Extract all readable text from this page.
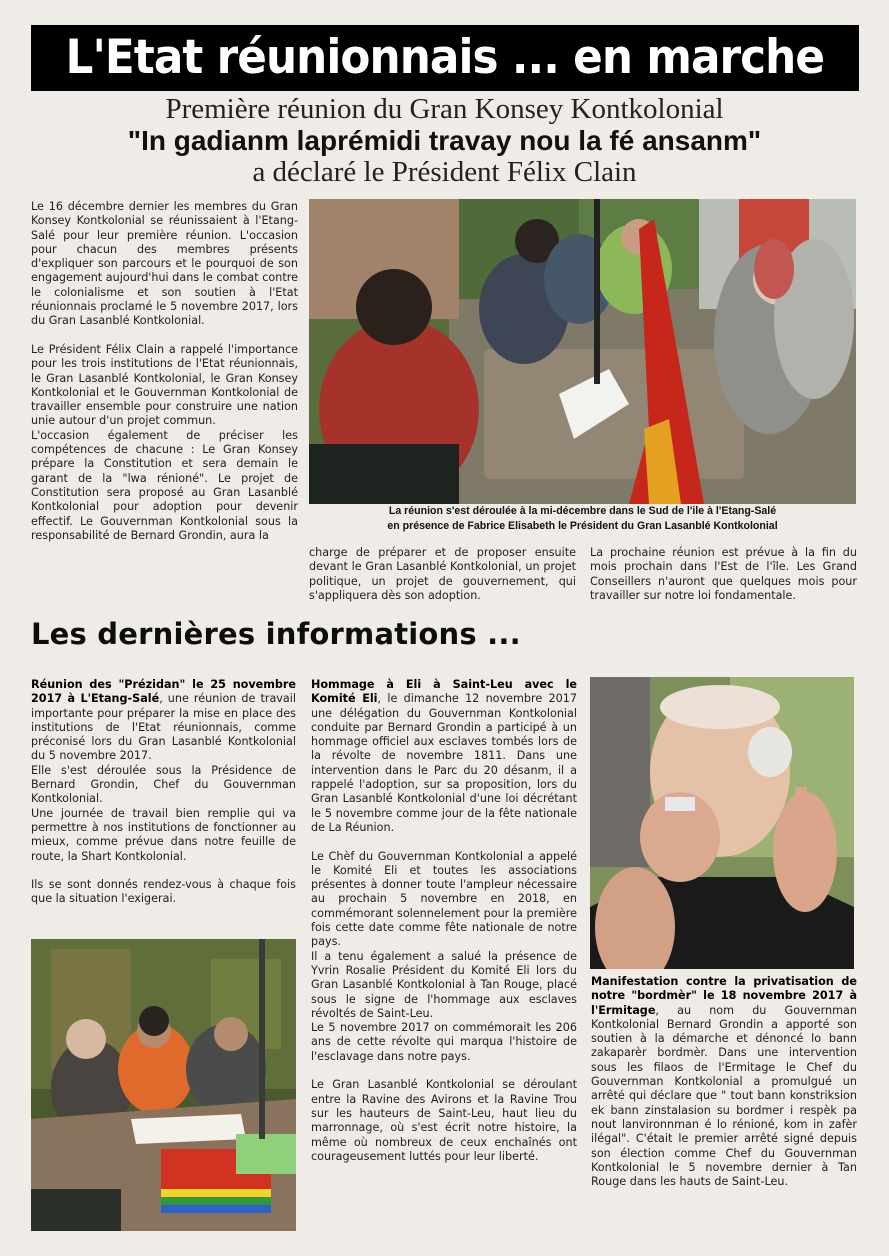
L'Etat réunionnais ... en marche
Première réunion du Gran Konsey Kontkolonial
"In gadianm laprémidi travay nou la fé ansanm"
a déclaré le Président Félix Clain

Le 16 décembre dernier les membres du Gran Konsey Kontkolonial se réunissaient à l'Etang-Salé pour leur première réunion. L'occasion pour chacun des membres présents d'expliquer son parcours et le pourquoi de son engagement aujourd'hui dans le combat contre le colonialisme et son soutien à l'Etat réunionnais proclamé le 5 novembre 2017, lors du Gran Lasanblé Kontkolonial.

Le Président Félix Clain a rappelé l'importance pour les trois institutions de l'Etat réunionnais, le Gran Lasanblé Kontkolonial, le Gran Konsey Kontkolonial et le Gouvernman Kontkolonial de travailler ensemble pour construire une nation unie autour d'un projet commun.

L'occasion également de préciser les compétences de chacune : Le Gran Konsey prépare la Constitution et sera demain le garant de la "lwa rénioné". Le projet de Constitution sera proposé au Gran Lasanblé Kontkolonial pour adoption pour devenir effectif. Le Gouvernman Kontkolonial sous la responsabilité de Bernard Grondin, aura la

La réunion s'est déroulée à la mi-décembre dans le Sud de l'ile à l'Etang-Salé
en présence de Fabrice Elisabeth le Président du Gran Lasanblé Kontkolonial

charge de préparer et de proposer ensuite devant le Gran Lasanblé Kontkolonial, un projet politique, un projet de gouvernement, qui s'appliquera dès son adoption.

La prochaine réunion est prévue à la fin du mois prochain dans l'Est de l'île. Les Grand Conseillers n'auront que quelques mois pour travailler sur notre loi fondamentale.

Les dernières informations ...

Réunion des "Prézidan" le 25 novembre 2017 à L'Etang-Salé, une réunion de travail importante pour préparer la mise en place des institutions de l'Etat réunionnais, comme préconisé lors du Gran Lasanblé Kontkolonial du 5 novembre 2017.

Elle s'est déroulée sous la Présidence de Bernard Grondin, Chef du Gouvernman Kontkolonial.

Une journée de travail bien remplie qui va permettre à nos institutions de fonctionner au mieux, comme prévue dans notre feuille de route, la Shart Kontkolonial.

Ils se sont donnés rendez-vous à chaque fois que la situation l'exigerai.

Hommage à Eli à Saint-Leu avec le Komité Eli, le dimanche 12 novembre 2017 une délégation du Gouvernman Kontkolonial conduite par Bernard Grondin a participé à un hommage officiel aux esclaves tombés lors de la révolte de novembre 1811. Dans une intervention dans le Parc du 20 désanm, il a rappelé l'adoption, sur sa proposition, lors du Gran Lasanblé Kontkolonial d'une loi décrétant le 5 novembre comme jour de la fête nationale de La Réunion.

Le Chèf du Gouvernman Kontkolonial a appelé le Komité Eli et toutes les associations présentes à donner toute l'ampleur nécessaire au prochain 5 novembre en 2018, en commémorant solennelement pour la première fois cette date comme fête nationale de notre pays.

Il a tenu également a salué la présence de Yvrin Rosalie Président du Komité Eli lors du Gran Lasanblé Kontkolonial à Tan Rouge, placé sous le signe de l'hommage aux esclaves révoltés de Saint-Leu.

Le 5 novembre 2017 on commémorait les 206 ans de cette révolte qui marqua l'histoire de l'esclavage dans notre pays.

Le Gran Lasanblé Kontkolonial se déroulant entre la Ravine des Avirons et la Ravine Trou sur les hauteurs de Saint-Leu, haut lieu du marronnage, où s'est écrit notre histoire, la même où nombreux de ceux enchaînés ont courageusement luttés pour leur liberté.

Manifestation contre la privatisation de notre "bordmèr" le 18 novembre 2017 à l'Ermitage, au nom du Gouvernman Kontkolonial Bernard Grondin a apporté son soutien à la démarche et dénoncé lo bann zakaparèr bordmèr. Dans une intervention sous les filaos de l'Ermitage le Chef du Gouvernman Kontkolonial a promulgué un arrêté qui déclare que " tout bann konstriksion ek bann zinstalasion su bordmer i respèk pa nout lanvironnman é lo rénioné, kom in zafèr ilégal". C'était le premier arrêté signé depuis son élection comme Chef du Gouvernman Kontkolonial le 5 novembre dernier à Tan Rouge dans les hauts de Saint-Leu.
